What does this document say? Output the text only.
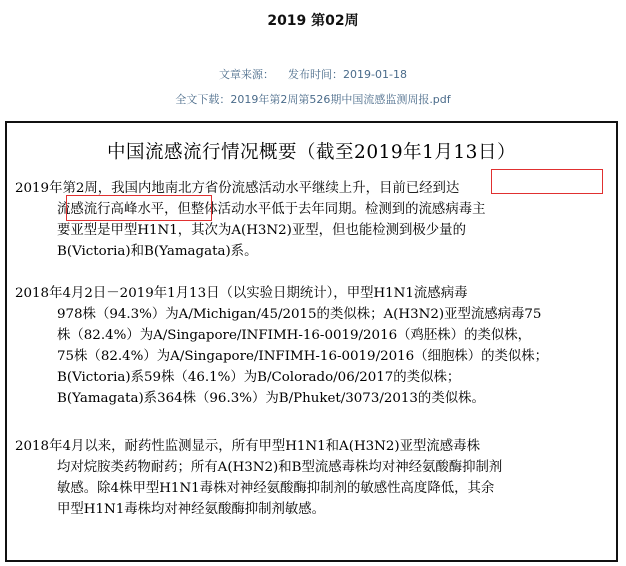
2019 第02周
文章来源： 发布时间：2019-01-18
全文下载：2019年第2周第526期中国流感监测周报.pdf
中国流感流行情况概要（截至2019年1月13日）

2019年第2周，我国内地南北方省份流感活动水平继续上升，目前已经到达
流感流行高峰水平，但整体活动水平低于去年同期。检测到的流感病毒主
要亚型是甲型H1N1，其次为A(H3N2)亚型，但也能检测到极少量的
B(Victoria)和B(Yamagata)系。

2018年4月2日－2019年1月13日（以实验日期统计），甲型H1N1流感病毒
978株（94.3%）为A/Michigan/45/2015的类似株；A(H3N2)亚型流感病毒75
株（82.4%）为A/Singapore/INFIMH-16-0019/2016（鸡胚株）的类似株，
75株（82.4%）为A/Singapore/INFIMH-16-0019/2016（细胞株）的类似株；
B(Victoria)系59株（46.1%）为B/Colorado/06/2017的类似株；
B(Yamagata)系364株（96.3%）为B/Phuket/3073/2013的类似株。

2018年4月以来，耐药性监测显示，所有甲型H1N1和A(H3N2)亚型流感毒株
均对烷胺类药物耐药；所有A(H3N2)和B型流感毒株均对神经氨酸酶抑制剂
敏感。除4株甲型H1N1毒株对神经氨酸酶抑制剂的敏感性高度降低，其余
甲型H1N1毒株均对神经氨酸酶抑制剂敏感。
